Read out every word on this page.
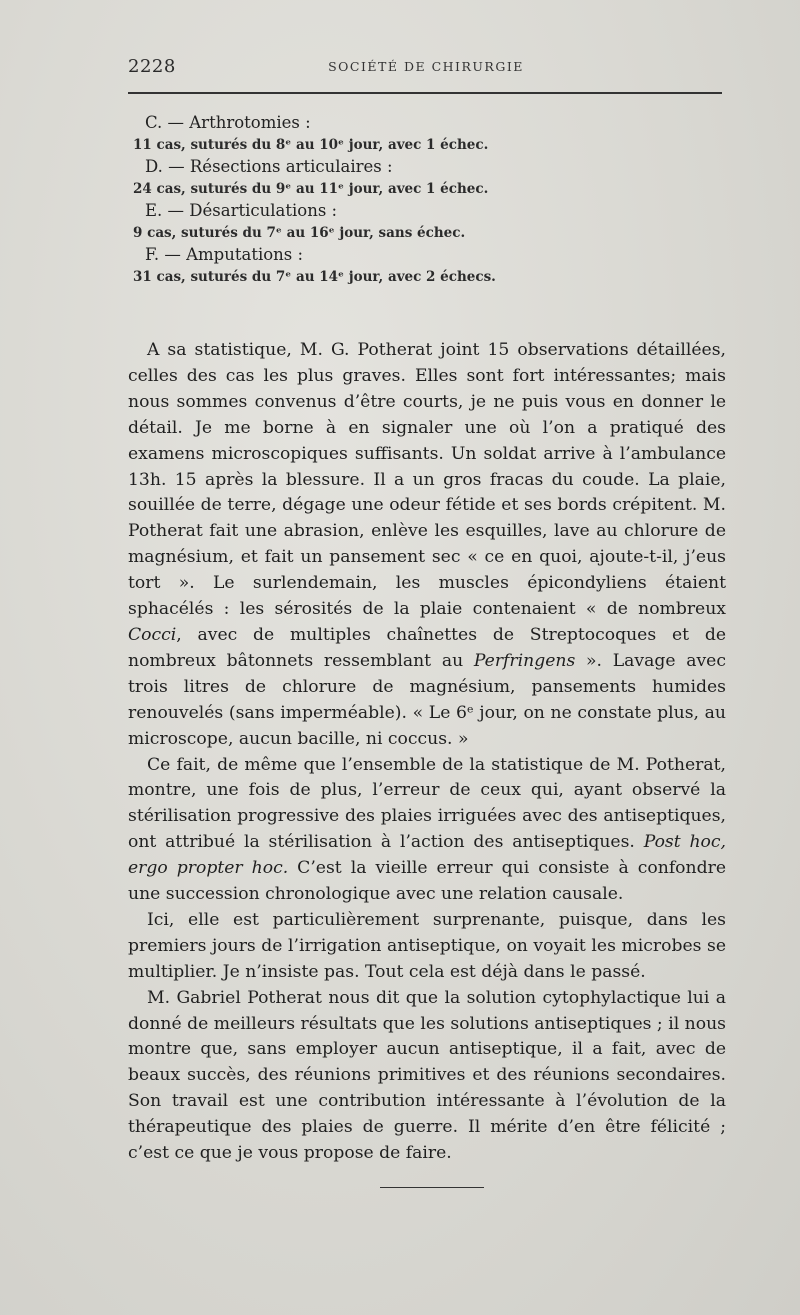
2228	SOCIÉTÉ DE CHIRURGIE
C. — Arthrotomies :
11 cas, suturés du 8ᵉ au 10ᵉ jour, avec 1 échec.
D. — Résections articulaires :
24 cas, suturés du 9ᵉ au 11ᵉ jour, avec 1 échec.
E. — Désarticulations :
9 cas, suturés du 7ᵉ au 16ᵉ jour, sans échec.
F. — Amputations :
31 cas, suturés du 7ᵉ au 14ᵉ jour, avec 2 échecs.

A sa statistique, M. G. Potherat joint 15 observations détaillées, celles des cas les plus graves. Elles sont fort intéressantes; mais nous sommes convenus d’être courts, je ne puis vous en donner le détail. Je me borne à en signaler une où l’on a pratiqué des examens microscopiques suffisants. Un soldat arrive à l’ambulance 13h. 15 après la blessure. Il a un gros fracas du coude. La plaie, souillée de terre, dégage une odeur fétide et ses bords crépitent. M. Potherat fait une abrasion, enlève les esquilles, lave au chlorure de magnésium, et fait un pansement sec « ce en quoi, ajoute-t-il, j’eus tort ». Le surlendemain, les muscles épicondyliens étaient sphacélés : les sérosités de la plaie contenaient « de nombreux Cocci, avec de multiples chaînettes de Streptocoques et de nombreux bâtonnets ressemblant au Perfringens ». Lavage avec trois litres de chlorure de magnésium, pansements humides renouvelés (sans imperméable). « Le 6ᵉ jour, on ne constate plus, au microscope, aucun bacille, ni coccus. »

Ce fait, de même que l’ensemble de la statistique de M. Potherat, montre, une fois de plus, l’erreur de ceux qui, ayant observé la stérilisation progressive des plaies irriguées avec des antiseptiques, ont attribué la stérilisation à l’action des antiseptiques. Post hoc, ergo propter hoc. C’est la vieille erreur qui consiste à confondre une succession chronologique avec une relation causale.

Ici, elle est particulièrement surprenante, puisque, dans les premiers jours de l’irrigation antiseptique, on voyait les microbes se multiplier. Je n’insiste pas. Tout cela est déjà dans le passé.

M. Gabriel Potherat nous dit que la solution cytophylactique lui a donné de meilleurs résultats que les solutions antiseptiques ; il nous montre que, sans employer aucun antiseptique, il a fait, avec de beaux succès, des réunions primitives et des réunions secondaires. Son travail est une contribution intéressante à l’évolution de la thérapeutique des plaies de guerre. Il mérite d’en être félicité ; c’est ce que je vous propose de faire.
